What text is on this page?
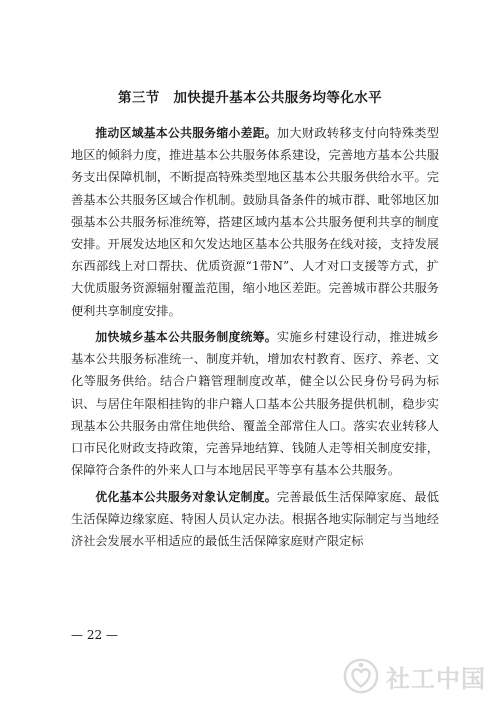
第三节　加快提升基本公共服务均等化水平

推动区域基本公共服务缩小差距。加大财政转移支付向特殊类型地区的倾斜力度，推进基本公共服务体系建设，完善地方基本公共服务支出保障机制，不断提高特殊类型地区基本公共服务供给水平。完善基本公共服务区域合作机制。鼓励具备条件的城市群、毗邻地区加强基本公共服务标准统筹，搭建区域内基本公共服务便利共享的制度安排。开展发达地区和欠发达地区基本公共服务在线对接，支持发展东西部线上对口帮扶、优质资源“1带N”、人才对口支援等方式，扩大优质服务资源辐射覆盖范围，缩小地区差距。完善城市群公共服务便利共享制度安排。

加快城乡基本公共服务制度统筹。实施乡村建设行动，推进城乡基本公共服务标准统一、制度并轨，增加农村教育、医疗、养老、文化等服务供给。结合户籍管理制度改革，健全以公民身份号码为标识、与居住年限相挂钩的非户籍人口基本公共服务提供机制，稳步实现基本公共服务由常住地供给、覆盖全部常住人口。落实农业转移人口市民化财政支持政策，完善异地结算、钱随人走等相关制度安排，保障符合条件的外来人口与本地居民平等享有基本公共服务。

优化基本公共服务对象认定制度。完善最低生活保障家庭、最低生活保障边缘家庭、特困人员认定办法。根据各地实际制定与当地经济社会发展水平相适应的最低生活保障家庭财产限定标

— 22 —
社工中国
